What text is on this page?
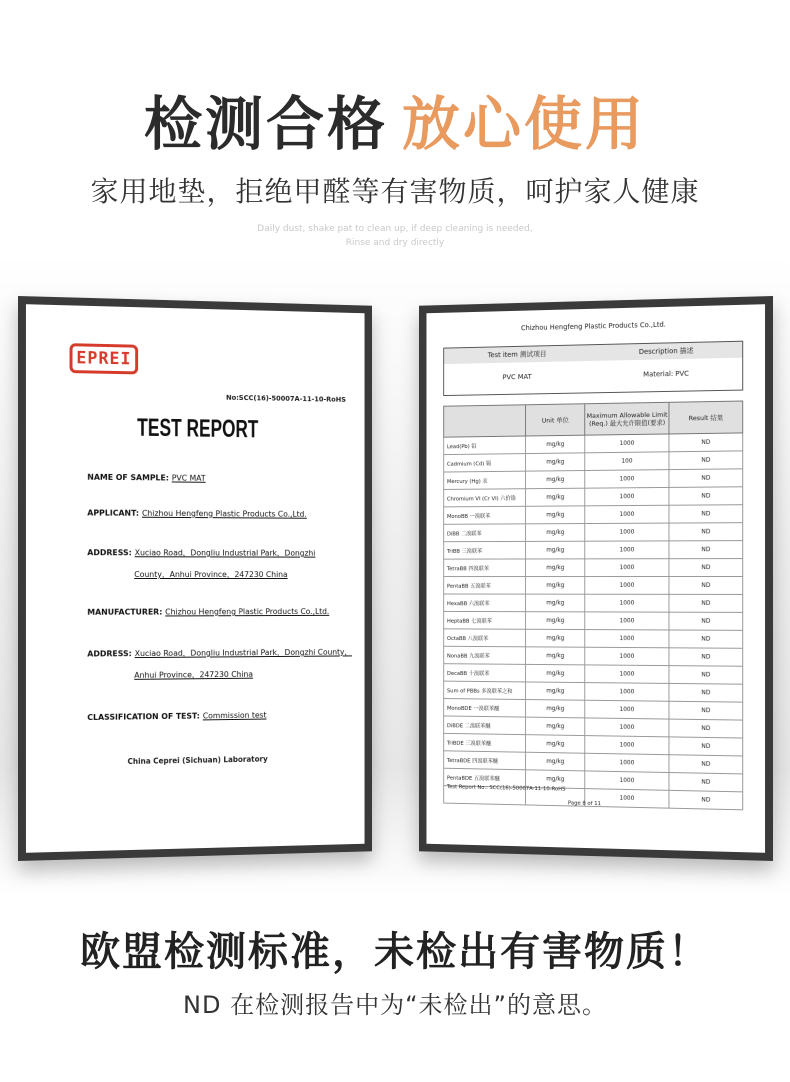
检测合格 放心使用
家用地垫，拒绝甲醛等有害物质，呵护家人健康
Daily dust, shake pat to clean up, if deep cleaning is needed,
Rinse and dry directly
EPREI
No:SCC(16)-50007A-11-10-RoHS
TEST REPORT
NAME OF SAMPLE: PVC MAT
APPLICANT: Chizhou Hengfeng Plastic Products Co.,Ltd.
ADDRESS: Xuciao Road，Dongliu Industrial Park，Dongzhi
County，Anhui Province，247230 China
MANUFACTURER: Chizhou Hengfeng Plastic Products Co.,Ltd.
ADDRESS: Xuciao Road，Dongliu Industrial Park，Dongzhi County，
Anhui Province，247230 China
CLASSIFICATION OF TEST: Commission test
China Ceprei (Sichuan) Laboratory
Chizhou Hengfeng Plastic Products Co.,Ltd.
Test item 测试项目	Description 描述
PVC MAT	Material: PVC
	Unit 单位	Maximum Allowable Limit (Req.) 最大允许限值(要求)	Result 结果
Lead(Pb) 铅	mg/kg	1000	ND
Cadmium (Cd) 镉	mg/kg	100	ND
Mercury (Hg) 汞	mg/kg	1000	ND
Chromium VI (Cr VI) 六价铬	mg/kg	1000	ND
MonoBB 一溴联苯	mg/kg	1000	ND
DiBB 二溴联苯	mg/kg	1000	ND
TriBB 三溴联苯	mg/kg	1000	ND
TetraBB 四溴联苯	mg/kg	1000	ND
PentaBB 五溴联苯	mg/kg	1000	ND
HexaBB 六溴联苯	mg/kg	1000	ND
HeptaBB 七溴联苯	mg/kg	1000	ND
OctaBB 八溴联苯	mg/kg	1000	ND
NonaBB 九溴联苯	mg/kg	1000	ND
DecaBB 十溴联苯	mg/kg	1000	ND
Sum of PBBs 多溴联苯之和	mg/kg	1000	ND
MonoBDE 一溴联苯醚	mg/kg	1000	ND
DiBDE 二溴联苯醚	mg/kg	1000	ND
TriBDE 三溴联苯醚	mg/kg	1000	ND
TetraBDE 四溴联苯醚	mg/kg	1000	ND
PentaBDE 五溴联苯醚	mg/kg	1000	ND
		1000	ND
Test Report No.: SCC(16)-50007A-11-10-RoHS
Page 8 of 11
欧盟检测标准，未检出有害物质！
ND 在检测报告中为“未检出”的意思。
